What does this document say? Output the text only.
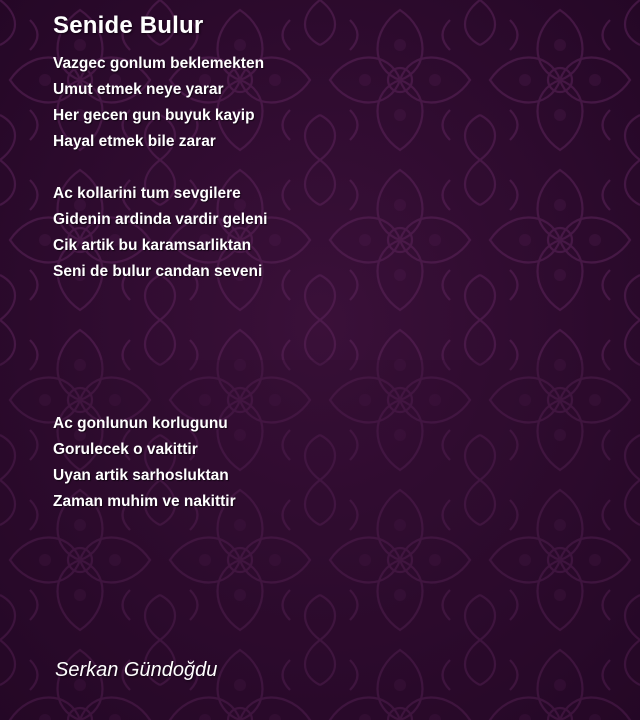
Senide Bulur
Vazgec gonlum beklemekten
Umut etmek neye yarar
Her gecen gun buyuk kayip
Hayal etmek bile zarar
Ac kollarini tum sevgilere
Gidenin ardinda vardir geleni
Cik artik bu karamsarliktan
Seni de bulur candan seveni
Ac gonlunun korlugunu
Gorulecek o vakittir
Uyan artik sarhosluktan
Zaman muhim ve nakittir
Serkan Gündoğdu
